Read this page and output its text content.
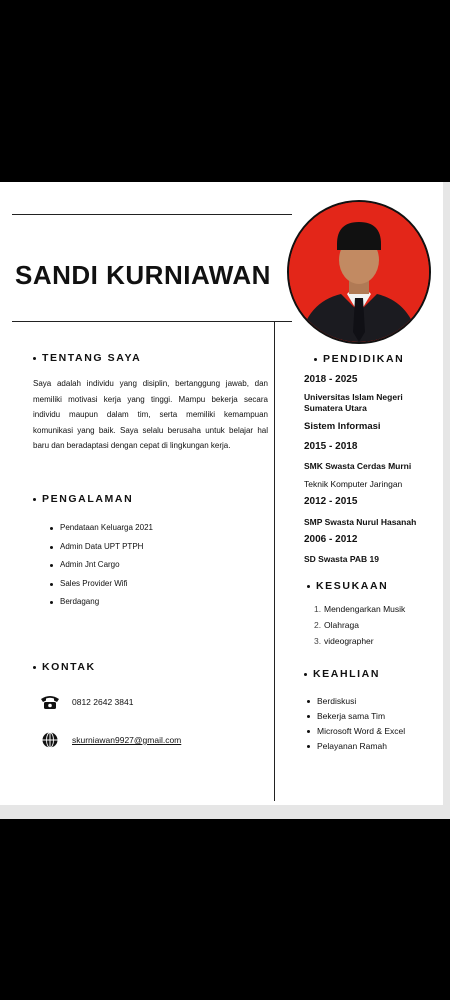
SANDI KURNIAWAN
TENTANG SAYA
Saya adalah individu yang disiplin, bertanggung jawab, dan memiliki motivasi kerja yang tinggi. Mampu bekerja secara individu maupun dalam tim, serta memiliki kemampuan komunikasi yang baik. Saya selalu berusaha untuk belajar hal baru dan beradaptasi dengan cepat di lingkungan kerja.
PENGALAMAN
Pendataan Keluarga 2021
Admin Data UPT PTPH
Admin Jnt Cargo
Sales Provider Wifi
Berdagang
KONTAK
0812 2642 3841
skurniawan9927@gmail.com
PENDIDIKAN
2018 - 2025
Universitas Islam Negeri
Sumatera Utara
Sistem Informasi
2015 - 2018
SMK Swasta Cerdas Murni
Teknik Komputer Jaringan
2012 - 2015
SMP Swasta Nurul Hasanah
2006 - 2012
SD Swasta PAB 19
KESUKAAN
1. Mendengarkan Musik
2. Olahraga
3. videographer
KEAHLIAN
Berdiskusi
Bekerja sama Tim
Microsoft Word & Excel
Pelayanan Ramah
